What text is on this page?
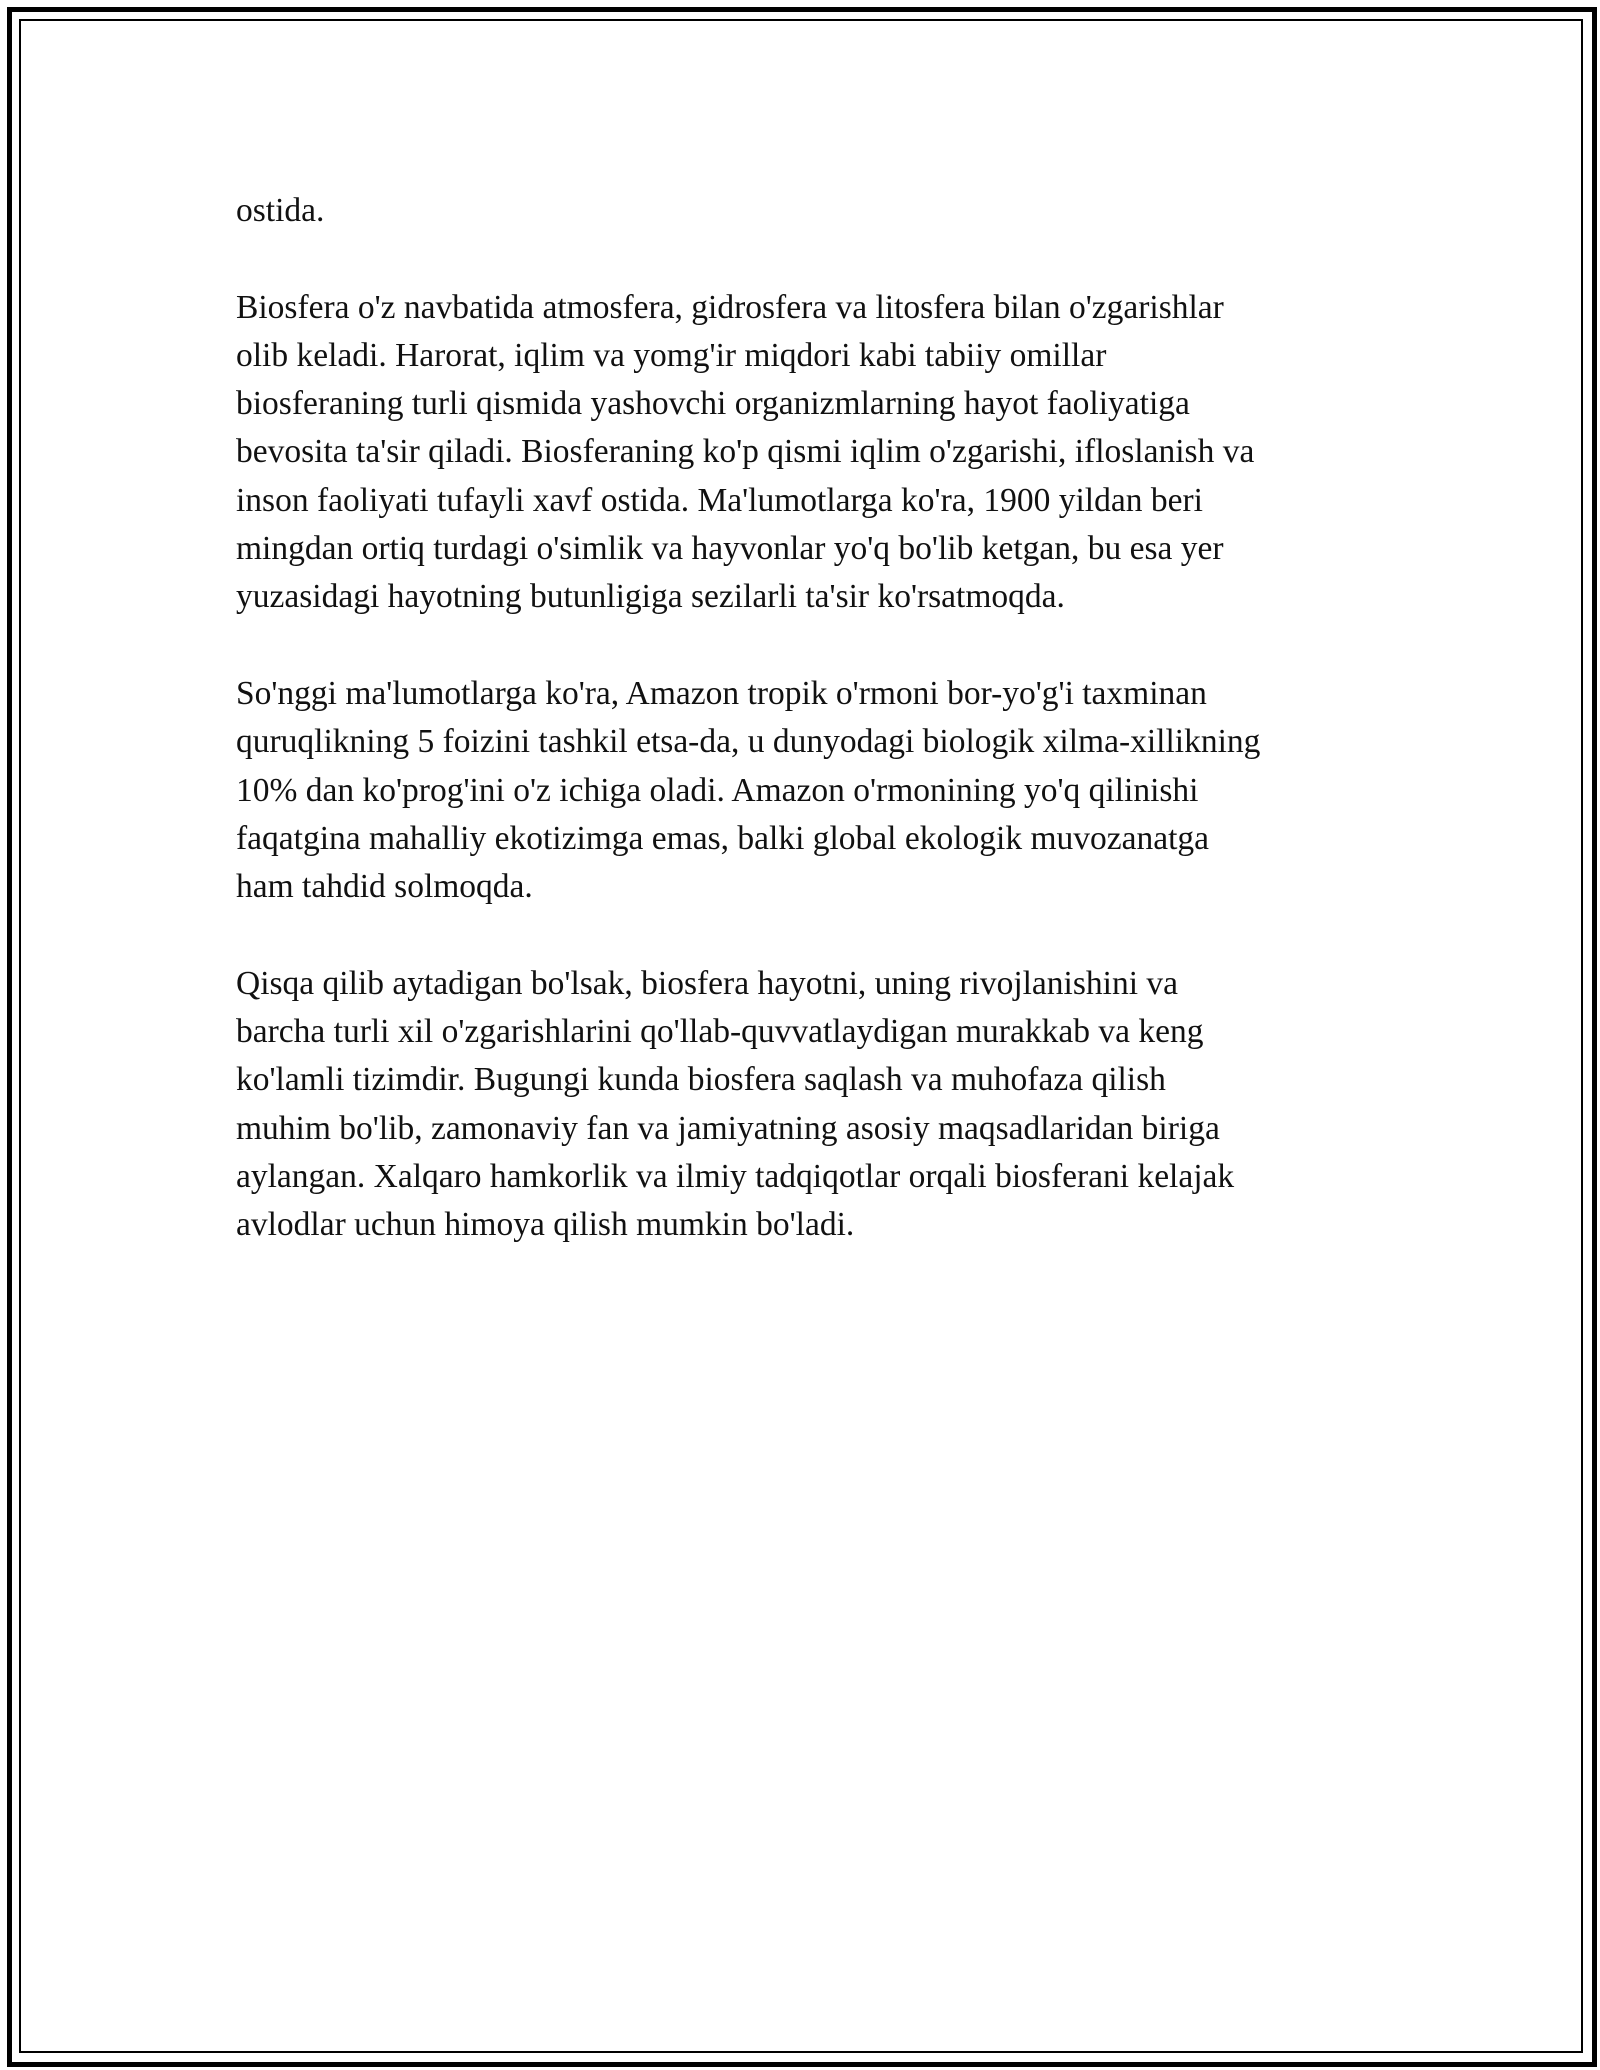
ostida.

Biosfera o'z navbatida atmosfera, gidrosfera va litosfera bilan o'zgarishlar
olib keladi. Harorat, iqlim va yomg'ir miqdori kabi tabiiy omillar
biosferaning turli qismida yashovchi organizmlarning hayot faoliyatiga
bevosita ta'sir qiladi. Biosferaning ko'p qismi iqlim o'zgarishi, ifloslanish va
inson faoliyati tufayli xavf ostida. Ma'lumotlarga ko'ra, 1900 yildan beri
mingdan ortiq turdagi o'simlik va hayvonlar yo'q bo'lib ketgan, bu esa yer
yuzasidagi hayotning butunligiga sezilarli ta'sir ko'rsatmoqda.

So'nggi ma'lumotlarga ko'ra, Amazon tropik o'rmoni bor-yo'g'i taxminan
quruqlikning 5 foizini tashkil etsa-da, u dunyodagi biologik xilma-xillikning
10% dan ko'prog'ini o'z ichiga oladi. Amazon o'rmonining yo'q qilinishi
faqatgina mahalliy ekotizimga emas, balki global ekologik muvozanatga
ham tahdid solmoqda.

Qisqa qilib aytadigan bo'lsak, biosfera hayotni, uning rivojlanishini va
barcha turli xil o'zgarishlarini qo'llab-quvvatlaydigan murakkab va keng
ko'lamli tizimdir. Bugungi kunda biosfera saqlash va muhofaza qilish
muhim bo'lib, zamonaviy fan va jamiyatning asosiy maqsadlaridan biriga
aylangan. Xalqaro hamkorlik va ilmiy tadqiqotlar orqali biosferani kelajak
avlodlar uchun himoya qilish mumkin bo'ladi.
